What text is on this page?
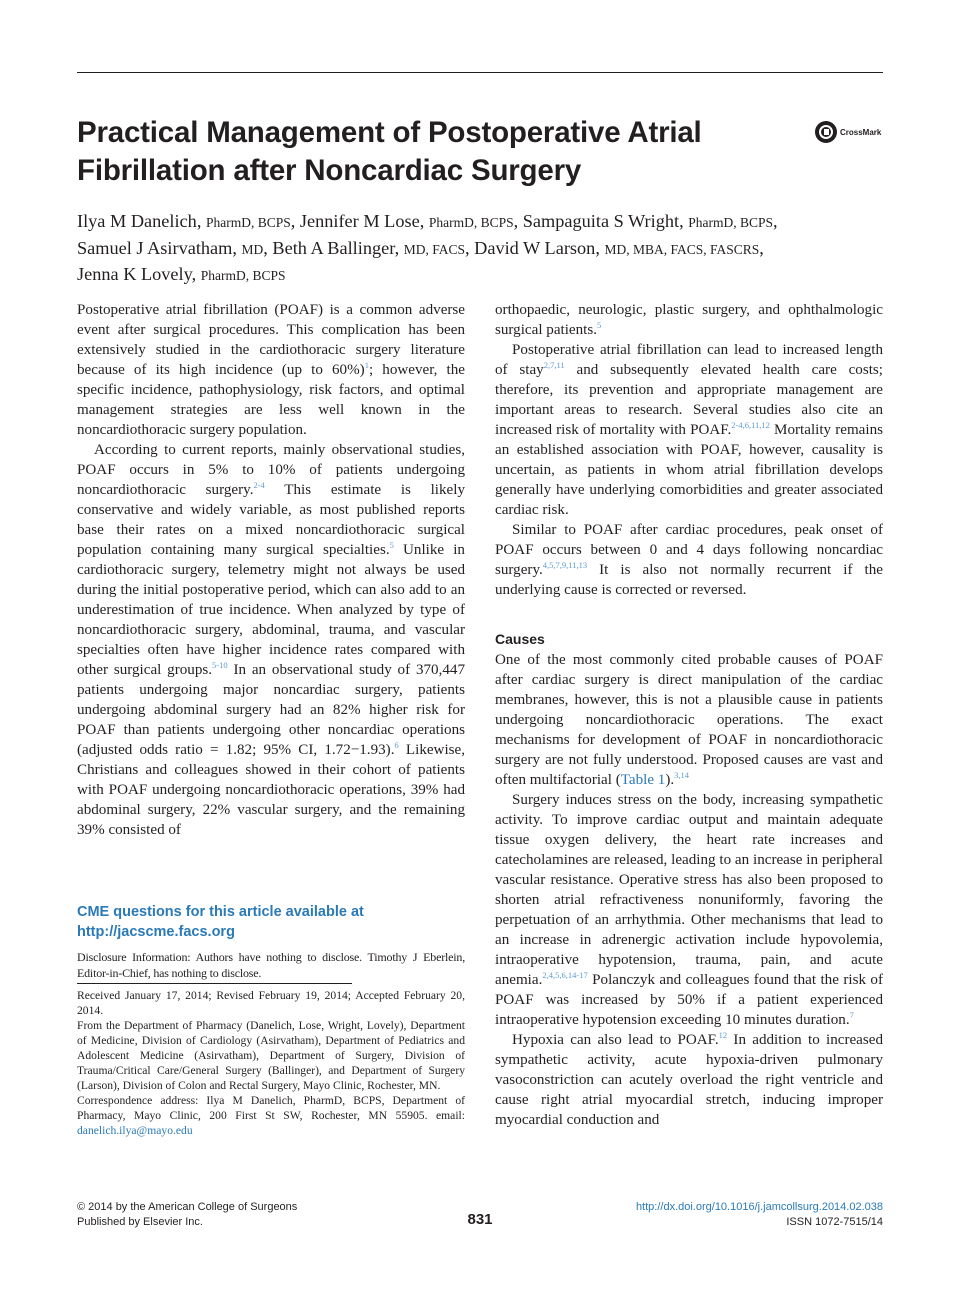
Practical Management of Postoperative Atrial Fibrillation after Noncardiac Surgery
CrossMark

Ilya M Danelich, PharmD, BCPS, Jennifer M Lose, PharmD, BCPS, Sampaguita S Wright, PharmD, BCPS,
Samuel J Asirvatham, MD, Beth A Ballinger, MD, FACS, David W Larson, MD, MBA, FACS, FASCRS,
Jenna K Lovely, PharmD, BCPS

Postoperative atrial fibrillation (POAF) is a common adverse event after surgical procedures. This complication has been extensively studied in the cardiothoracic surgery literature because of its high incidence (up to 60%)$^1$; however, the specific incidence, pathophysiology, risk factors, and optimal management strategies are less well known in the noncardiothoracic surgery population.

According to current reports, mainly observational studies, POAF occurs in 5% to 10% of patients undergoing noncardiothoracic surgery.$^{2-4}$ This estimate is likely conservative and widely variable, as most published reports base their rates on a mixed noncardiothoracic surgical population containing many surgical specialties.$^5$ Unlike in cardiothoracic surgery, telemetry might not always be used during the initial postoperative period, which can also add to an underestimation of true incidence. When analyzed by type of noncardiothoracic surgery, abdominal, trauma, and vascular specialties often have higher incidence rates compared with other surgical groups.$^{5-10}$ In an observational study of 370,447 patients undergoing major noncardiac surgery, patients undergoing abdominal surgery had an 82% higher risk for POAF than patients undergoing other noncardiac operations (adjusted odds ratio = 1.82; 95% CI, 1.72−1.93).$^6$ Likewise, Christians and colleagues showed in their cohort of patients with POAF undergoing noncardiothoracic operations, 39% had abdominal surgery, 22% vascular surgery, and the remaining 39% consisted of

CME questions for this article available at
http://jacscme.facs.org
Disclosure Information: Authors have nothing to disclose. Timothy J Eberlein, Editor-in-Chief, has nothing to disclose.

Received January 17, 2014; Revised February 19, 2014; Accepted February 20, 2014.

From the Department of Pharmacy (Danelich, Lose, Wright, Lovely), Department of Medicine, Division of Cardiology (Asirvatham), Department of Pediatrics and Adolescent Medicine (Asirvatham), Department of Surgery, Division of Trauma/Critical Care/General Surgery (Ballinger), and Department of Surgery (Larson), Division of Colon and Rectal Surgery, Mayo Clinic, Rochester, MN.

Correspondence address: Ilya M Danelich, PharmD, BCPS, Department of Pharmacy, Mayo Clinic, 200 First St SW, Rochester, MN 55905. email: danelich.ilya@mayo.edu

orthopaedic, neurologic, plastic surgery, and ophthalmologic surgical patients.$^5$

Postoperative atrial fibrillation can lead to increased length of stay$^{2,7,11}$ and subsequently elevated health care costs; therefore, its prevention and appropriate management are important areas to research. Several studies also cite an increased risk of mortality with POAF.$^{2-4,6,11,12}$ Mortality remains an established association with POAF, however, causality is uncertain, as patients in whom atrial fibrillation develops generally have underlying comorbidities and greater associated cardiac risk.

Similar to POAF after cardiac procedures, peak onset of POAF occurs between 0 and 4 days following noncardiac surgery.$^{4,5,7,9,11,13}$ It is also not normally recurrent if the underlying cause is corrected or reversed.

Causes

One of the most commonly cited probable causes of POAF after cardiac surgery is direct manipulation of the cardiac membranes, however, this is not a plausible cause in patients undergoing noncardiothoracic operations. The exact mechanisms for development of POAF in noncardiothoracic surgery are not fully understood. Proposed causes are vast and often multifactorial (Table 1).$^{3,14}$

Surgery induces stress on the body, increasing sympathetic activity. To improve cardiac output and maintain adequate tissue oxygen delivery, the heart rate increases and catecholamines are released, leading to an increase in peripheral vascular resistance. Operative stress has also been proposed to shorten atrial refractiveness nonuniformly, favoring the perpetuation of an arrhythmia. Other mechanisms that lead to an increase in adrenergic activation include hypovolemia, intraoperative hypotension, trauma, pain, and acute anemia.$^{2,4,5,6,14-17}$ Polanczyk and colleagues found that the risk of POAF was increased by 50% if a patient experienced intraoperative hypotension exceeding 10 minutes duration.$^7$

Hypoxia can also lead to POAF.$^{12}$ In addition to increased sympathetic activity, acute hypoxia-driven pulmonary vasoconstriction can acutely overload the right ventricle and cause right atrial myocardial stretch, inducing improper myocardial conduction and

© 2014 by the American College of Surgeons
Published by Elsevier Inc.	831
http://dx.doi.org/10.1016/j.jamcollsurg.2014.02.038
ISSN 1072-7515/14
